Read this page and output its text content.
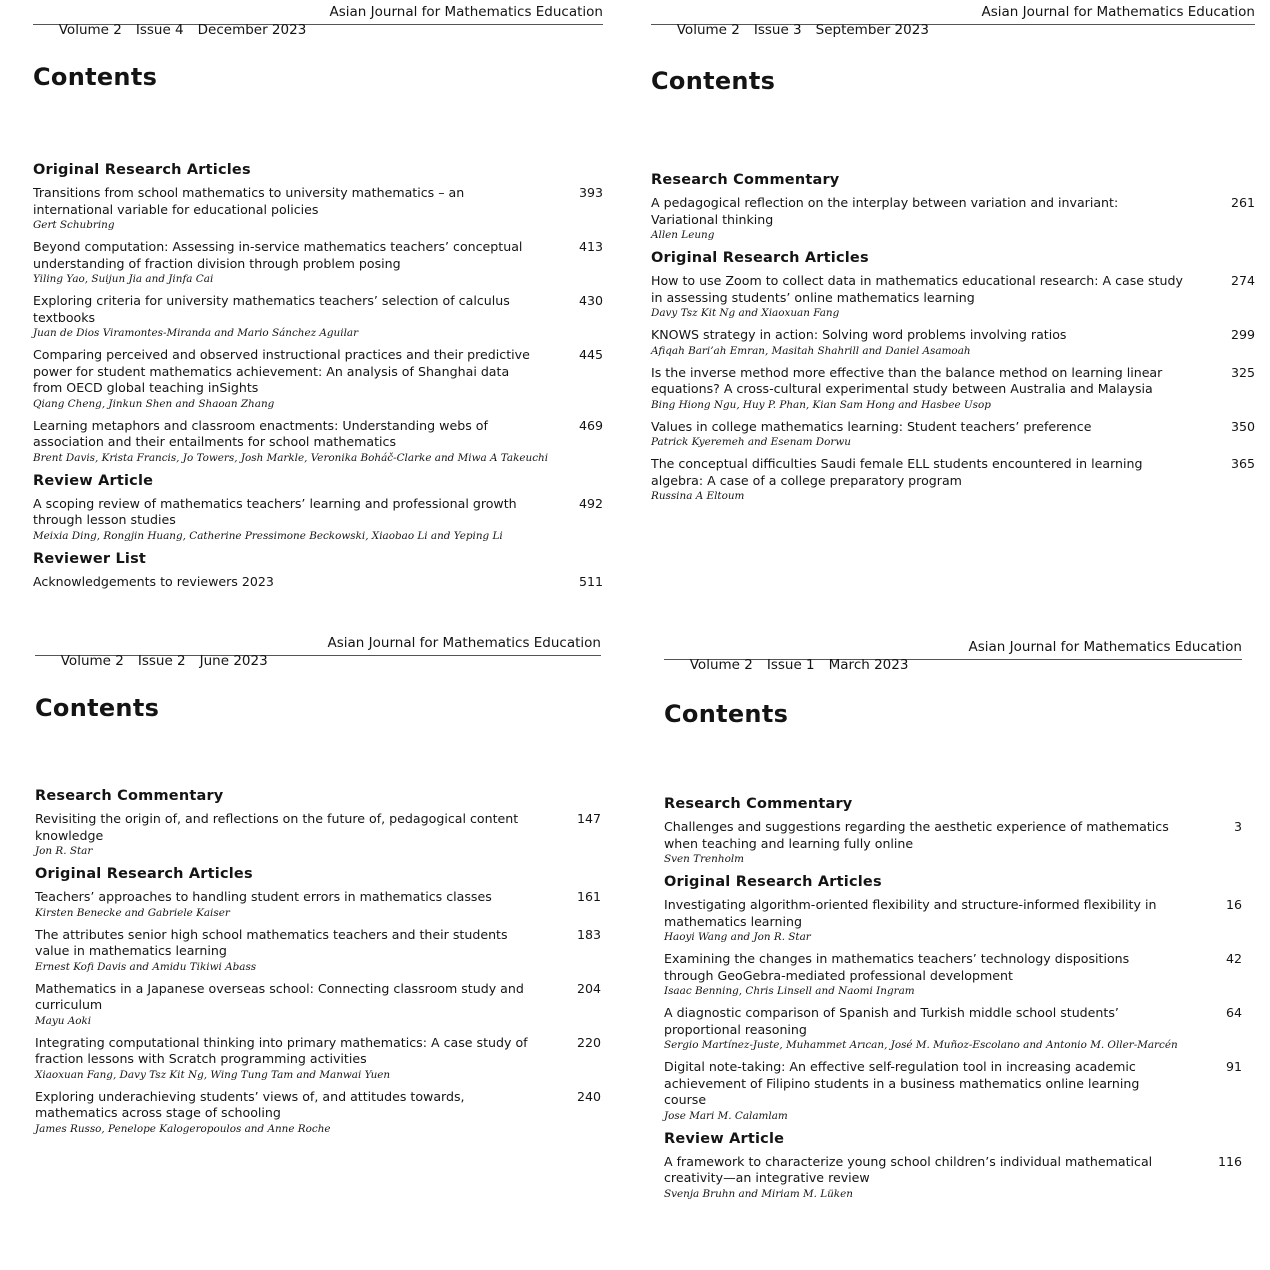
Volume 2 Issue 4 December 2023

Asian Journal for Mathematics Education
Contents
Original Research Articles
Transitions from school mathematics to university mathematics – an international variable for educational policies
Gert Schubring
393
Beyond computation: Assessing in-service mathematics teachers’ conceptual understanding of fraction division through problem posing
Yiling Yao, Suijun Jia and Jinfa Cai
413
Exploring criteria for university mathematics teachers’ selection of calculus textbooks
Juan de Dios Viramontes-Miranda and Mario Sánchez Aguilar
430
Comparing perceived and observed instructional practices and their predictive power for student mathematics achievement: An analysis of Shanghai data from OECD global teaching inSights
Qiang Cheng, Jinkun Shen and Shaoan Zhang
445
Learning metaphors and classroom enactments: Understanding webs of association and their entailments for school mathematics
Brent Davis, Krista Francis, Jo Towers, Josh Markle, Veronika Boháč-Clarke and Miwa A Takeuchi
469
Review Article
A scoping review of mathematics teachers’ learning and professional growth through lesson studies
Meixia Ding, Rongjin Huang, Catherine Pressimone Beckowski, Xiaobao Li and Yeping Li
492
Reviewer List
Acknowledgements to reviewers 2023	511

Volume 2 Issue 3 September 2023

Asian Journal for Mathematics Education
Contents
Research Commentary
A pedagogical reflection on the interplay between variation and invariant: Variational thinking
Allen Leung
261
Original Research Articles
How to use Zoom to collect data in mathematics educational research: A case study in assessing students’ online mathematics learning
Davy Tsz Kit Ng and Xiaoxuan Fang
274
KNOWS strategy in action: Solving word problems involving ratios
Afiqah Bari’ah Emran, Masitah Shahrill and Daniel Asamoah
299
Is the inverse method more effective than the balance method on learning linear equations? A cross-cultural experimental study between Australia and Malaysia
Bing Hiong Ngu, Huy P. Phan, Kian Sam Hong and Hasbee Usop
325
Values in college mathematics learning: Student teachers’ preference
Patrick Kyeremeh and Esenam Dorwu
350
The conceptual difficulties Saudi female ELL students encountered in learning algebra: A case of a college preparatory program
Russina A Eltoum
365

Volume 2 Issue 2 June 2023

Asian Journal for Mathematics Education
Contents
Research Commentary
Revisiting the origin of, and reflections on the future of, pedagogical content knowledge
Jon R. Star
147
Original Research Articles
Teachers’ approaches to handling student errors in mathematics classes
Kirsten Benecke and Gabriele Kaiser
161
The attributes senior high school mathematics teachers and their students value in mathematics learning
Ernest Kofi Davis and Amidu Tikiwi Abass
183
Mathematics in a Japanese overseas school: Connecting classroom study and curriculum
Mayu Aoki
204
Integrating computational thinking into primary mathematics: A case study of fraction lessons with Scratch programming activities
Xiaoxuan Fang, Davy Tsz Kit Ng, Wing Tung Tam and Manwai Yuen
220
Exploring underachieving students’ views of, and attitudes towards, mathematics across stage of schooling
James Russo, Penelope Kalogeropoulos and Anne Roche
240

Volume 2 Issue 1 March 2023

Asian Journal for Mathematics Education
Contents
Research Commentary
Challenges and suggestions regarding the aesthetic experience of mathematics when teaching and learning fully online
Sven Trenholm
3
Original Research Articles
Investigating algorithm-oriented flexibility and structure-informed flexibility in mathematics learning
Haoyi Wang and Jon R. Star
16
Examining the changes in mathematics teachers’ technology dispositions through GeoGebra-mediated professional development
Isaac Benning, Chris Linsell and Naomi Ingram
42
A diagnostic comparison of Spanish and Turkish middle school students’ proportional reasoning
Sergio Martínez-Juste, Muhammet Arıcan, José M. Muñoz-Escolano and Antonio M. Oller-Marcén
64
Digital note-taking: An effective self-regulation tool in increasing academic achievement of Filipino students in a business mathematics online learning course
Jose Mari M. Calamlam
91
Review Article
A framework to characterize young school children’s individual mathematical creativity—an integrative review
Svenja Bruhn and Miriam M. Lüken
116
